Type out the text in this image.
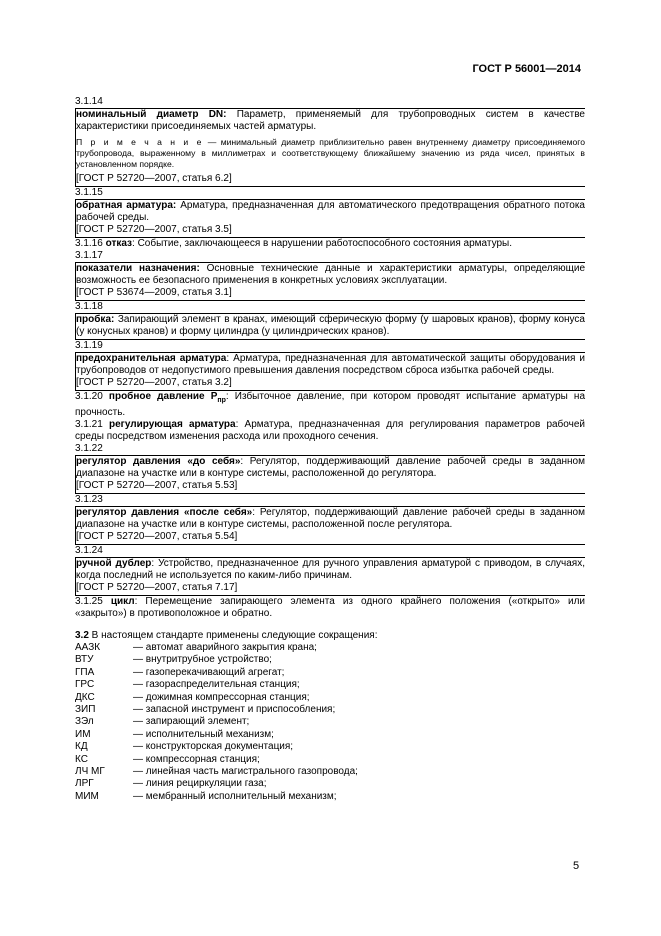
ГОСТ Р 56001—2014
3.1.14
номинальный диаметр DN: Параметр, применяемый для трубопроводных систем в качестве характеристики присоединяемых частей арматуры.
П р и м е ч а н и е — минимальный диаметр приблизительно равен внутреннему диаметру присоединяемого трубопровода, выраженному в миллиметрах и соответствующему ближайшему значению из ряда чисел, принятых в установленном порядке.
[ГОСТ Р 52720—2007, статья 6.2]
3.1.15
обратная арматура: Арматура, предназначенная для автоматического предотвращения обратного потока рабочей среды.
[ГОСТ Р 52720—2007, статья 3.5]
3.1.16 отказ: Событие, заключающееся в нарушении работоспособного состояния арматуры.
3.1.17
показатели назначения: Основные технические данные и характеристики арматуры, определяющие возможность ее безопасного применения в конкретных условиях эксплуатации.
[ГОСТ Р 53674—2009, статья 3.1]
3.1.18
пробка: Запирающий элемент в кранах, имеющий сферическую форму (у шаровых кранов), форму конуса (у конусных кранов) и форму цилиндра (у цилиндрических кранов).
3.1.19
предохранительная арматура: Арматура, предназначенная для автоматической защиты оборудования и трубопроводов от недопустимого превышения давления посредством сброса избытка рабочей среды.
[ГОСТ Р 52720—2007, статья 3.2]
3.1.20 пробное давление $P_{пр}$: Избыточное давление, при котором проводят испытание арматуры на прочность.
3.1.21 регулирующая арматура: Арматура, предназначенная для регулирования параметров рабочей среды посредством изменения расхода или проходного сечения.
3.1.22
регулятор давления «до себя»: Регулятор, поддерживающий давление рабочей среды в заданном диапазоне на участке или в контуре системы, расположенной до регулятора.
[ГОСТ Р 52720—2007, статья 5.53]
3.1.23
регулятор давления «после себя»: Регулятор, поддерживающий давление рабочей среды в заданном диапазоне на участке или в контуре системы, расположенной после регулятора.
[ГОСТ Р 52720—2007, статья 5.54]
3.1.24
ручной дублер: Устройство, предназначенное для ручного управления арматурой с приводом, в случаях, когда последний не используется по каким-либо причинам.
[ГОСТ Р 52720—2007, статья 7.17]
3.1.25 цикл: Перемещение запирающего элемента из одного крайнего положения («открыто» или «закрыто») в противоположное и обратно.
3.2 В настоящем стандарте применены следующие сокращения:
ААЗК	— автомат аварийного закрытия крана;
ВТУ	— внутритрубное устройство;
ГПА	— газоперекачивающий агрегат;
ГРС	— газораспределительная станция;
ДКС	— дожимная компрессорная станция;
ЗИП	— запасной инструмент и приспособления;
ЗЭл	— запирающий элемент;
ИМ	— исполнительный механизм;
КД	— конструкторская документация;
КС	— компрессорная станция;
ЛЧ МГ	— линейная часть магистрального газопровода;
ЛРГ	— линия рециркуляции газа;
МИМ	— мембранный исполнительный механизм;
5
